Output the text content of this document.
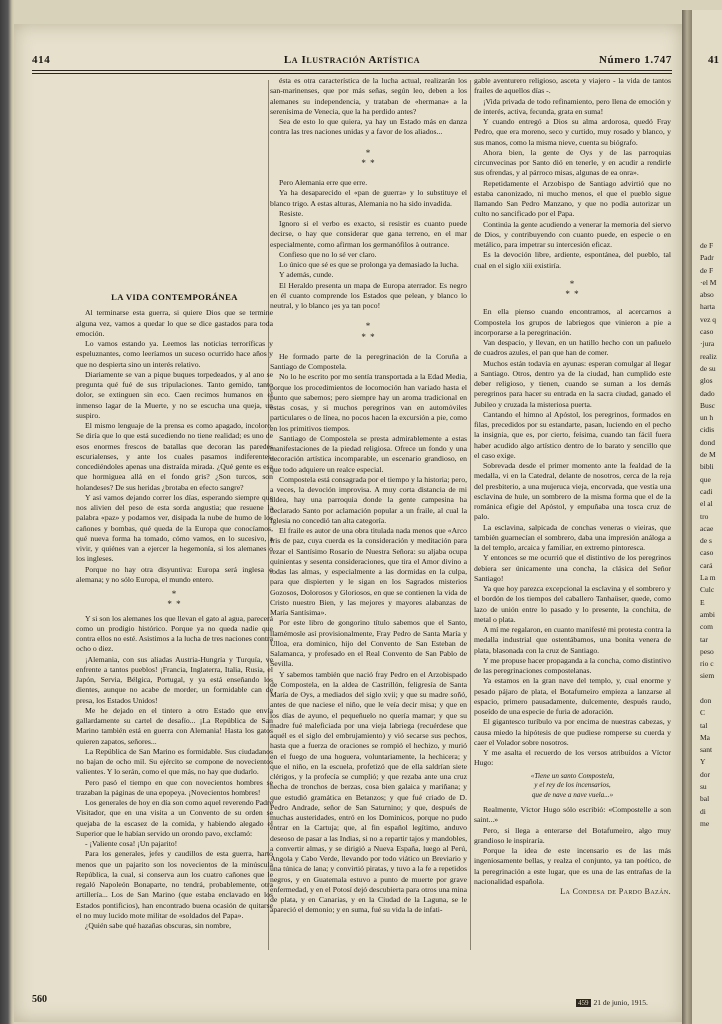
41
de F
Padr
de F
·el M
abso
harta
vez q
caso
·jura
realiz
de su
glos
dado
Busc
un h
cidis
dond
de M
bibli
que
cadi
el al
tro
acae
de s
caso
cará
La m
Culc
E
ambi
com
tar
peso
rio c
siem

don
C
tal
Ma
sant
Y
dor
su
bal
di
me
414	La Ilustración Artística	Número 1.747
LA VIDA CONTEMPORÁNEA

Al terminarse esta guerra, si quiere Dios que se termine alguna vez, vamos a quedar lo que se dice gastados para toda emoción.

Lo vamos estando ya. Leemos las noticias terroríficas y espeluznantes, como leeríamos un suceso ocurrido hace años y que no despierta sino un interés relativo.

Diariamente se van a pique buques torpedeados, y al ano se pregunta qué fué de sus tripulaciones. Tanto gemido, tanto dolor, se extinguen sin eco. Caen recimos humanos en el inmenso lagar de la Muerte, y no se escucha una queja, un suspiro.

El mismo lenguaje de la prensa es como apagado, incoloro. Se diría que lo que está sucediendo no tiene realidad; es uno de esos enormes frescos de batallas que decoran las paredes escurialenses, y ante los cuales pasamos indiferentes, concediéndoles apenas una distraída mirada. ¿Qué gente es esa que hormiguea allá en el fondo gris? ¿Son turcos, son holandeses? De sus heridas ¿brotaba en efecto sangre?

Y así vamos dejando correr los días, esperando siempre que nos alivien del peso de esta sorda angustia; que resuene la palabra «paz» y podamos ver, disipada la nube de humo de los cañones y bombas, qué queda de la Europa que conocíamos, qué nueva forma ha tomado, cómo vamos, en lo sucesivo, a vivir, y quiénes van a ejercer la hegemonía, si los alemanes o los ingleses.

Porque no hay otra disyuntiva: Europa será inglesa o alemana; y no sólo Europa, el mundo entero.

*
* *

Y si son los alemanes los que llevan el gato al agua, parecerá como un prodigio histórico. Porque ya no queda nadie que contra ellos no esté. Asistimos a la lucha de tres naciones contra ocho o diez.

¡Alemania, con sus aliadas Austria-Hungría y Turquía, ve enfrente a tantos pueblos! ¡Francia, Inglaterra, Italia, Rusia, el Japón, Servia, Bélgica, Portugal, y ya está enseñando los dientes, aunque no acabe de morder, un formidable can de presa, los Estados Unidos!

Me he dejado en el tintero a otro Estado que envía gallardamente su cartel de desafío... ¡La República de San Marino también está en guerra con Alemania! Hasta los gatos quieren zapatos, señores...

La República de San Marino es formidable. Sus ciudadanos no bajan de ocho mil. Su ejército se compone de novecientos valientes. Y lo serán, como el que más, no hay que dudarlo.

Pero pasó el tiempo en que con novecientos hombres se trazaban la páginas de una epopeya. ¡Novecientos hombres!

Los generales de hoy en día son como aquel reverendo Padre Visitador, que en una visita a un Convento de su orden se quejaba de la escasez de la comida, y habiendo alegado el Superior que le habían servido un orondo pavo, exclamó:

- ¡Valiente cosa! ¡Un pajarito!

Para los generales, jefes y caudillos de esta guerra, harto menos que un pajarito son los novecientos de la minúscula República, la cual, si conserva aun los cuatro cañones que le regaló Napoleón Bonaparte, no tendrá, probablemente, otra artillería... Los de San Marino (que estaba enclavado en los Estados pontificios), han encontrado buena ocasión de quitarse el no muy lucido mote militar de «soldados del Papa».

¿Quién sabe qué hazañas obscuras, sin nombre,

ésta es otra característica de la lucha actual, realizarán los san-marinenses, que por más señas, según leo, deben a los alemanes su independencia, y trataban de «hermana» a la serenísima de Venecia, que la ha perdido antes?

Sea de esto lo que quiera, ya hay un Estado más en danza contra las tres naciones unidas y a favor de los aliados...

*
* *

Pero Alemania erre que erre.

Ya ha desaparecido el «pan de guerra» y lo substituye el blanco trigo. A estas alturas, Alemania no ha sido invadida.

Resiste.

Ignoro si el verbo es exacto, si resistir es cuanto puede decirse, o hay que considerar que gana terreno, en el mar especialmente, como afirman los germanófilos à outrance.

Confieso que no lo sé ver claro.

Lo único que sé es que se prolonga ya demasiado la lucha.

Y además, cunde.

El Heraldo presenta un mapa de Europa aterrador. Es negro en él cuanto comprende los Estados que pelean, y blanco lo neutral, y lo blanco ¡es ya tan poco!

*
* *

He formado parte de la peregrinación de la Coruña a Santiago de Compostela.

No lo he escrito por mo sentía transportada a la Edad Media, porque los procedimientos de locomoción han variado hasta el punto que sabemos; pero siempre hay un aroma tradicional en estas cosas, y si muchos peregrinos van en automóviles particulares o de línea, no pocos hacen la excursión a pie, como en los primitivos tiempos.

Santiago de Compostela se presta admirablemente a estas manifestaciones de la piedad religiosa. Ofrece un fondo y una decoración artística incomparable, un escenario grandioso, en que todo adquiere un realce especial.

Compostela está consagrada por el tiempo y la historia; pero, a veces, la devoción improvisa. A muy corta distancia de mi aldea, hay una parroquia donde la gente campesina ha declarado Santo por aclamación popular a un fraile, al cual la Iglesia no concedió tan alta categoría.

El fraile es autor de una obra titulada nada menos que «Arco Iris de paz, cuya cuerda es la consideración y meditación para rezar el Santísimo Rosario de Nuestra Señora: su aljaba ocupa quinientas y sesenta consideraciones, que tira el Amor divino a todas las almas, y especialmente a las dormidas en la culpa, para que dispierten y le sigan en los Sagrados misterios Gozosos, Dolorosos y Gloriosos, en que se contienen la vida de Cristo nuestro Bien, y las mejores y mayores alabanzas de María Santísima».

Por este libro de gongorino título sabemos que el Santo, llamémosle así provisionalmente, Fray Pedro de Santa María y Ulloa, era dominico, hijo del Convento de San Esteban de Salamanca, y profesado en el Real Convento de San Pablo de Sevilla.

Y sabemos también que nació fray Pedro en el Arzobispado de Compostela, en la aldea de Castrillón, feligresía de Santa María de Oys, a mediados del siglo xvii; y que su madre soñó, antes de que naciese el niño, que le veía decir misa; y que en los días de ayuno, el pequeñuelo no quería mamar; y que su madre fué maleficiada por una vieja labriega (recuérdese que aquél es el siglo del embrujamiento) y vió secarse sus pechos, hasta que a fuerza de oraciones se rompió el hechizo, y murió en el fuego de una hoguera, voluntariamente, la hechicera; y que el niño, en la escuela, profetizó que de ella saldrían siete clérigos, y la profecía se cumplió; y que rezaba ante una cruz hecha de tronchos de berzas, cosa bien galaica y mariñana; y que estudió gramática en Betanzos; y que fué criado de D. Pedro Andrade, señor de San Saturnino; y que, después de muchas austeridades, entró en los Dominicos, porque no pudo entrar en la Cartuja; que, al fin español legítimo, anduvo deseoso de pasar a las Indias, si no a repartir tajos y mandobles, a convertir almas, y se dirigió a Nueva España, luego al Perú, Angola y Cabo Verde, llevando por todo viático un Breviario y una túnica de lana; y convirtió piratas, y tuvo a la fe a repetidos negros, y en Guatemala estuvo a punto de muerte por grave enfermedad, y en el Potosí dejó descubierta para otros una mina de plata, y en Canarias, y en la Ciudad de la Laguna, se le apareció el demonio; y en suma, fué su vida la de infati-

gable aventurero religioso, asceta y viajero - la vida de tantos frailes de aquellos días -.

¡Vida privada de todo refinamiento, pero llena de emoción y de interés, activa, fecunda, grata en suma!

Y cuando entregó a Dios su alma ardorosa, quedó Fray Pedro, que era moreno, seco y curtido, muy rosado y blanco, y sus manos, como la misma nieve, cuenta su biógrafo.

Ahora bien, la gente de Oys y de las parroquias circunvecinas por Santo dió en tenerle, y en acudir a rendirle sus ofrendas, y al párroco misas, algunas de ea onra».

Repetidamente el Arzobispo de Santiago advirtió que no estaba canonizado, ni mucho menos, el que el pueblo sigue llamando San Pedro Manzano, y que no podía autorizar un culto no sancificado por el Papa.

Continúa la gente acudiendo a venerar la memoria del siervo de Dios, y contribuyendo con cuanto puede, en especie o en metálico, para impetrar su intercesión eficaz.

Es la devoción libre, ardiente, espontánea, del pueblo, tal cual en el siglo xiii existiría.

*
* *

En ella pienso cuando encontramos, al acercarnos a Compostela los grupos de labriegos que vinieron a pie a incorporarse a la peregrinación.

Van despacio, y llevan, en un hatillo hecho con un pañuelo de cuadros azules, el pan que han de comer.

Muchos están todavía en ayunas: esperan comulgar al llegar a Santiago. Otros, dentro ya de la ciudad, han cumplido este deber religioso, y tienen, cuando se suman a los demás peregrinos para hacer su entrada en la sacra ciudad, ganado el Jubileo y cruzada la misteriosa puerta.

Cantando el himno al Apóstol, los peregrinos, formados en filas, precedidos por su estandarte, pasan, luciendo en el pecho la insignia, que es, por cierto, feísima, cuando tan fácil fuera haber acudido algo artístico dentro de lo barato y sencillo que el caso exige.

Sobrevada desde el primer momento ante la fealdad de la medalla, vi en la Catedral, delante de nosotros, cerca de la reja del presbiterio, a una mujeruca vieja, encorvada, que vestía una esclavina de hule, un sombrero de la misma forma que el de la románica efigie del Apóstol, y empuñaba una tosca cruz de palo.

La esclavina, salpicada de conchas veneras o vieiras, que también guarnecían el sombrero, daba una impresión análoga a la del templo, arcaica y familiar, en extremo pintoresca.

Y entonces se me ocurrió que el distintivo de los peregrinos debiera ser únicamente una concha, la clásica del Señor Santiago!

Ya que hoy parezca excepcional la esclavina y el sombrero y el bordón de los tiempos del caballero Tanhaüser, quede, como lazo de unión entre lo pasado y lo presente, la conchita, de metal o plata.

A mí me regalaron, en cuanto manifesté mi protesta contra la medalla industrial que ostentábamos, una bonita venera de plata, blasonada con la cruz de Santiago.

Y me propuse hacer propaganda a la concha, como distintivo de las peregrinaciones compostelanas.

Ya estamos en la gran nave del templo, y, cual enorme y pesado pájaro de plata, el Botafumeiro empieza a lanzarse al espacio, primero pausadamente, dulcemente, después raudo, poseído de una especie de furia de adoración.

El gigantesco turíbulo va por encima de nuestras cabezas, y causa miedo la hipótesis de que pudiese romperse su cuerda y caer el Volador sobre nosotros.

Y me asalta el recuerdo de los versos atribuídos a Víctor Hugo:

«Tiene un santo Compostela,
y el rey de los incensarios,
que de nave a nave vuela...»

Realmente, Víctor Hugo sólo escribió: «Compostelle a son saint...»

Pero, si llega a enterarse del Botafumeiro, algo muy grandioso le inspiraría.

Porque la idea de este incensario es de las más ingeniosamente bellas, y realza el conjunto, ya tan poético, de la peregrinación a este lugar, que es una de las entrañas de la nacionalidad española.

La Condesa de Pardo Bazán.

560	459 21 de junio, 1915.
